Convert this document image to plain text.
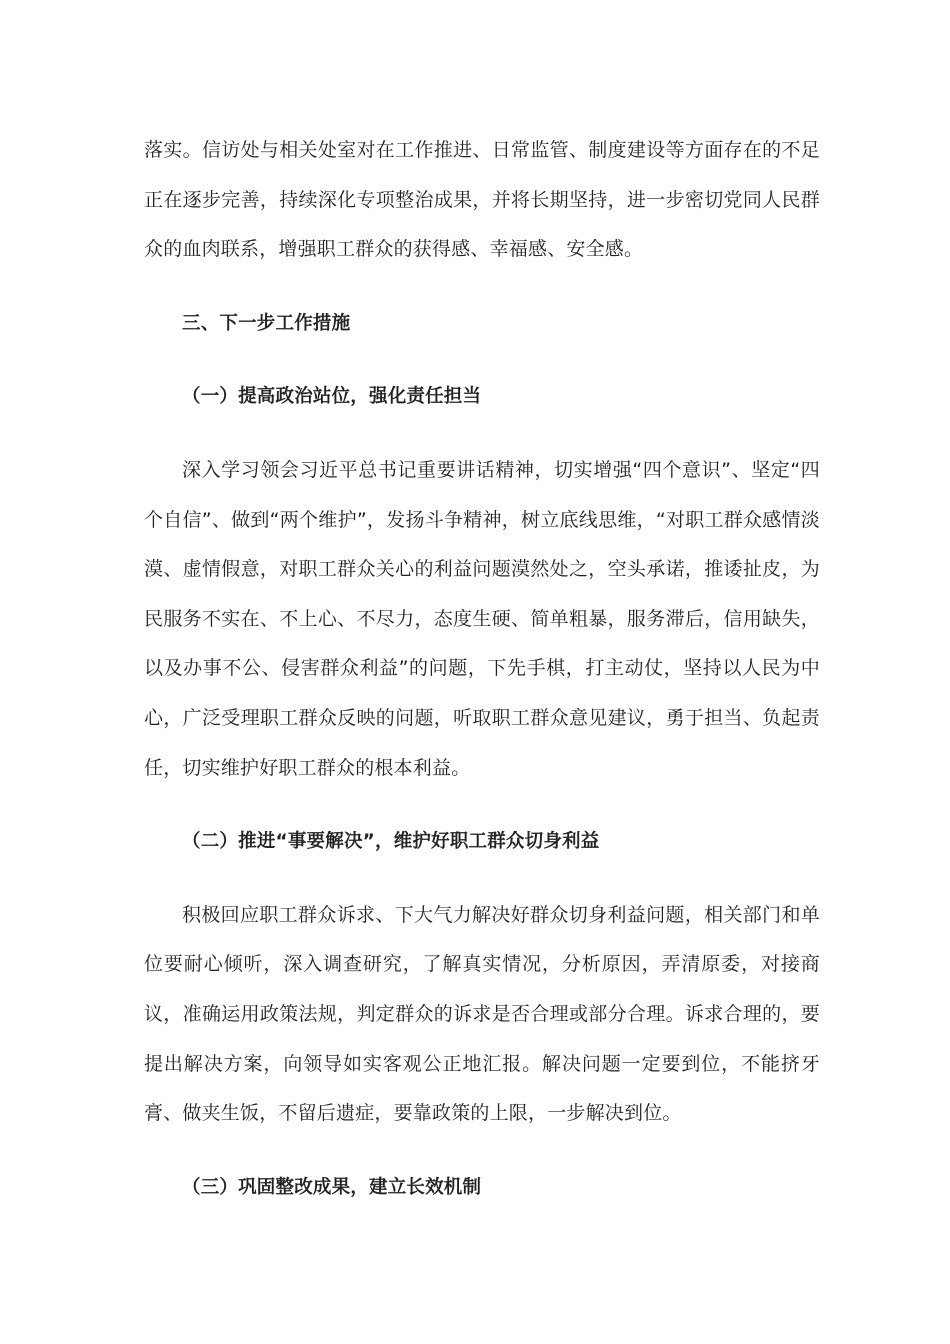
落实。信访处与相关处室对在工作推进、日常监管、制度建设等方面存在的不足正在逐步完善，持续深化专项整治成果，并将长期坚持，进一步密切党同人民群众的血肉联系，增强职工群众的获得感、幸福感、安全感。

三、下一步工作措施

（一）提高政治站位，强化责任担当

深入学习领会习近平总书记重要讲话精神，切实增强“四个意识”、坚定“四个自信”、做到“两个维护”，发扬斗争精神，树立底线思维，“对职工群众感情淡漠、虚情假意，对职工群众关心的利益问题漠然处之，空头承诺，推诿扯皮，为民服务不实在、不上心、不尽力，态度生硬、简单粗暴，服务滞后，信用缺失，以及办事不公、侵害群众利益”的问题，下先手棋，打主动仗，坚持以人民为中心，广泛受理职工群众反映的问题，听取职工群众意见建议，勇于担当、负起责任，切实维护好职工群众的根本利益。

（二）推进“事要解决”，维护好职工群众切身利益

积极回应职工群众诉求、下大气力解决好群众切身利益问题，相关部门和单位要耐心倾听，深入调查研究，了解真实情况，分析原因，弄清原委，对接商议，准确运用政策法规，判定群众的诉求是否合理或部分合理。诉求合理的，要提出解决方案，向领导如实客观公正地汇报。解决问题一定要到位，不能挤牙膏、做夹生饭，不留后遗症，要靠政策的上限，一步解决到位。

（三）巩固整改成果，建立长效机制
